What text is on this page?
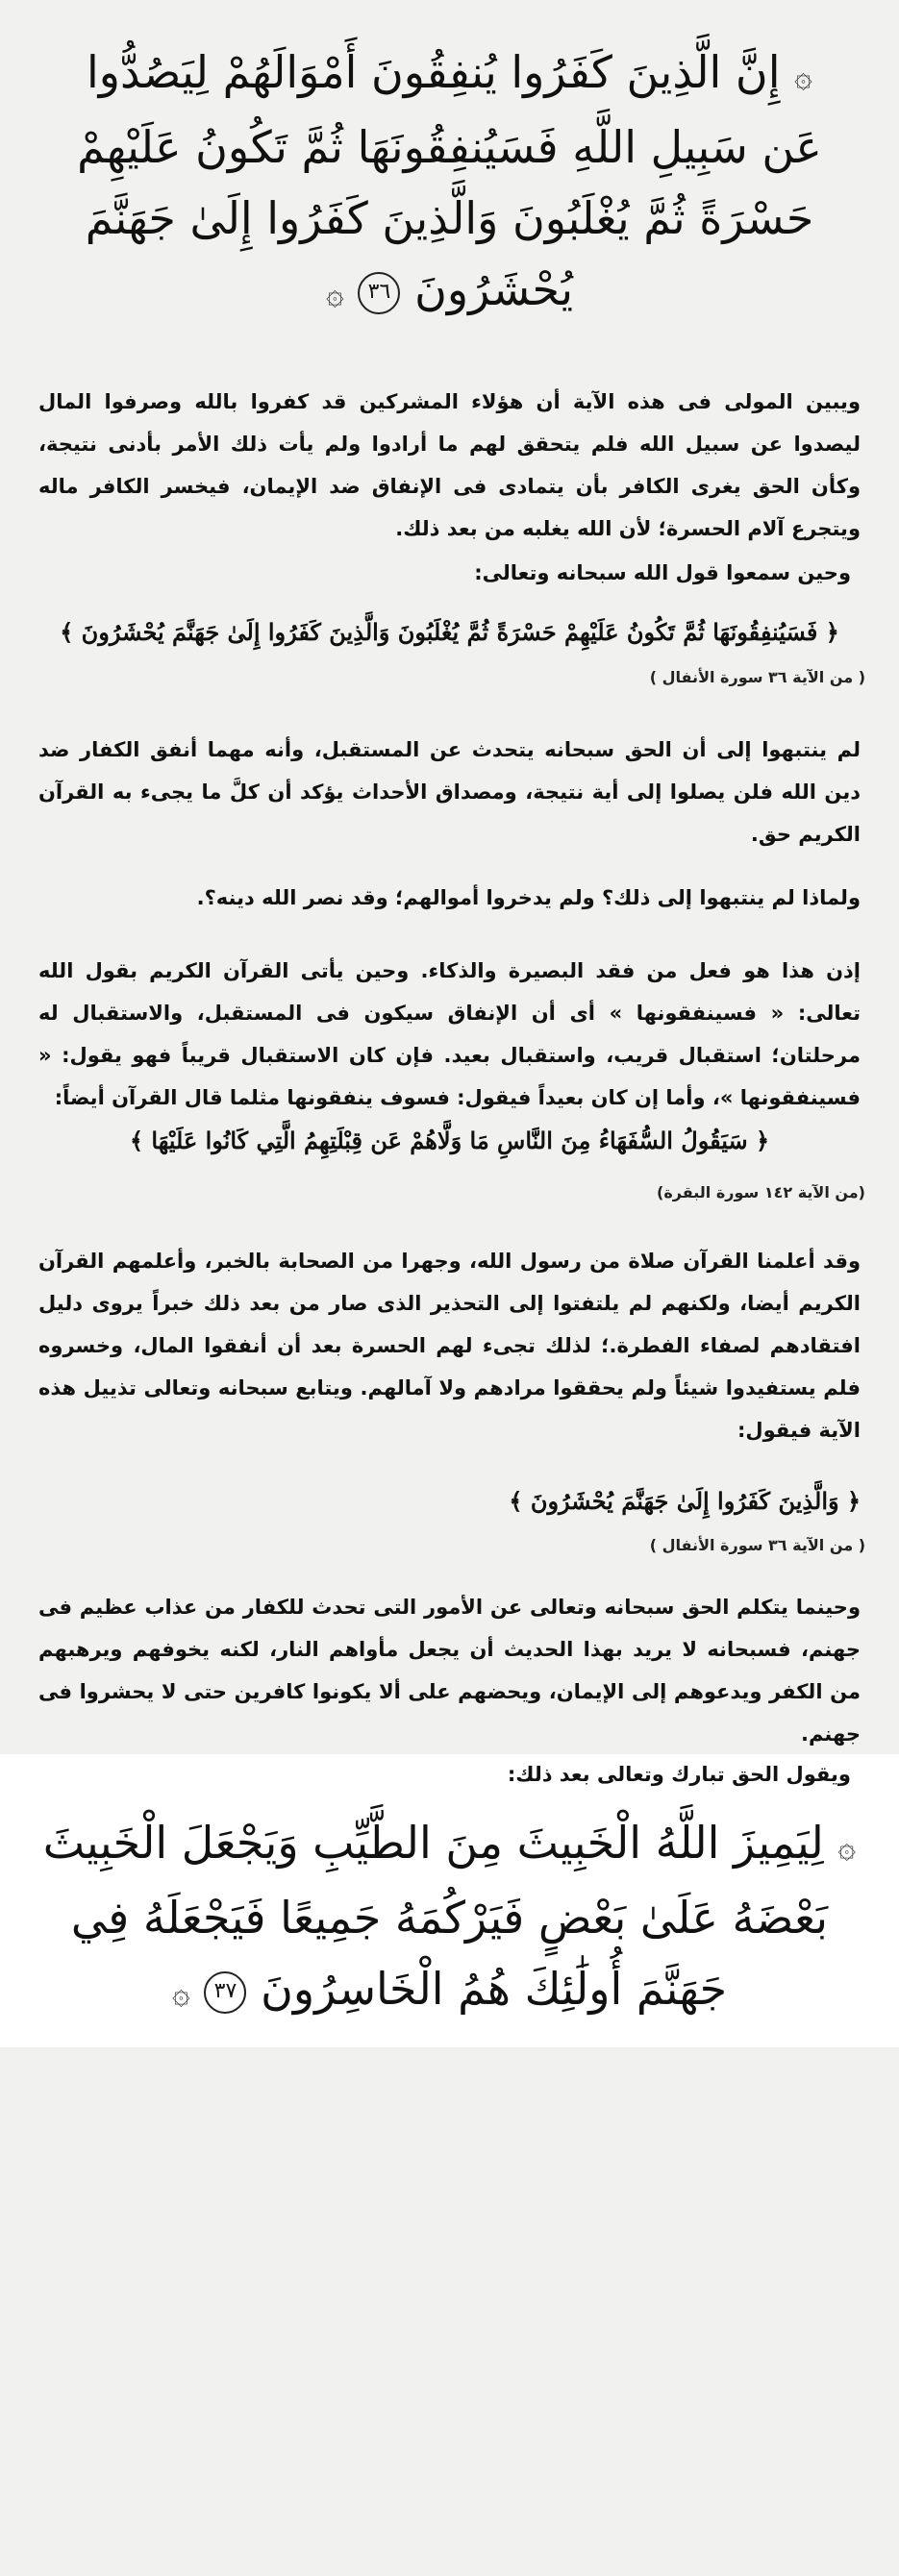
۞ إِنَّ الَّذِينَ كَفَرُوا يُنفِقُونَ أَمْوَالَهُمْ لِيَصُدُّوا
عَن سَبِيلِ اللَّهِ فَسَيُنفِقُونَهَا ثُمَّ تَكُونُ عَلَيْهِمْ
حَسْرَةً ثُمَّ يُغْلَبُونَ وَالَّذِينَ كَفَرُوا إِلَىٰ جَهَنَّمَ
يُحْشَرُونَ ٣٦ ۞
ويبين المولى فى هذه الآية أن هؤلاء المشركين قد كفروا بالله وصرفوا المال ليصدوا عن سبيل الله فلم يتحقق لهم ما أرادوا ولم يأت ذلك الأمر بأدنى نتيجة، وكأن الحق يغرى الكافر بأن يتمادى فى الإنفاق ضد الإيمان، فيخسر الكافر ماله ويتجرع آلام الحسرة؛ لأن الله يغلبه من بعد ذلك.
وحين سمعوا قول الله سبحانه وتعالى:
﴿ فَسَيُنفِقُونَهَا ثُمَّ تَكُونُ عَلَيْهِمْ حَسْرَةً ثُمَّ يُغْلَبُونَ وَالَّذِينَ كَفَرُوا إِلَىٰ جَهَنَّمَ يُحْشَرُونَ ﴾
( من الآية ٣٦ سورة الأنفال )
لم ينتبهوا إلى أن الحق سبحانه يتحدث عن المستقبل، وأنه مهما أنفق الكفار ضد دين الله فلن يصلوا إلى أية نتيجة، ومصداق الأحداث يؤكد أن كلَّ ما يجىء به القرآن الكريم حق.
ولماذا لم ينتبهوا إلى ذلك؟ ولم يدخروا أموالهم؛ وقد نصر الله دينه؟.
إذن هذا هو فعل من فقد البصيرة والذكاء. وحين يأتى القرآن الكريم بقول الله تعالى: « فسينفقونها » أى أن الإنفاق سيكون فى المستقبل، والاستقبال له مرحلتان؛ استقبال قريب، واستقبال بعيد. فإن كان الاستقبال قريباً فهو يقول: « فسينفقونها »، وأما إن كان بعيداً فيقول: فسوف ينفقونها مثلما قال القرآن أيضاً:
﴿ سَيَقُولُ السُّفَهَاءُ مِنَ النَّاسِ مَا وَلَّاهُمْ عَن قِبْلَتِهِمُ الَّتِي كَانُوا عَلَيْهَا ﴾
(من الآية ١٤٢ سورة البقرة)
وقد أعلمنا القرآن صلاة من رسول الله، وجهرا من الصحابة بالخبر، وأعلمهم القرآن الكريم أيضا، ولكنهم لم يلتفتوا إلى التحذير الذى صار من بعد ذلك خبراً يروى دليل افتقادهم لصفاء الفطرة.؛ لذلك تجىء لهم الحسرة بعد أن أنفقوا المال، وخسروه فلم يستفيدوا شيئاً ولم يحققوا مرادهم ولا آمالهم. ويتابع سبحانه وتعالى تذييل هذه الآية فيقول:
﴿ وَالَّذِينَ كَفَرُوا إِلَىٰ جَهَنَّمَ يُحْشَرُونَ ﴾
( من الآية ٣٦ سورة الأنفال )
وحينما يتكلم الحق سبحانه وتعالى عن الأمور التى تحدث للكفار من عذاب عظيم فى جهنم، فسبحانه لا يريد بهذا الحديث أن يجعل مأواهم النار، لكنه يخوفهم ويرهبهم من الكفر ويدعوهم إلى الإيمان، ويحضهم على ألا يكونوا كافرين حتى لا يحشروا فى جهنم.
ويقول الحق تبارك وتعالى بعد ذلك:
۞ لِيَمِيزَ اللَّهُ الْخَبِيثَ مِنَ الطَّيِّبِ وَيَجْعَلَ الْخَبِيثَ
بَعْضَهُ عَلَىٰ بَعْضٍ فَيَرْكُمَهُ جَمِيعًا فَيَجْعَلَهُ فِي
جَهَنَّمَ أُولَٰئِكَ هُمُ الْخَاسِرُونَ ٣٧ ۞
